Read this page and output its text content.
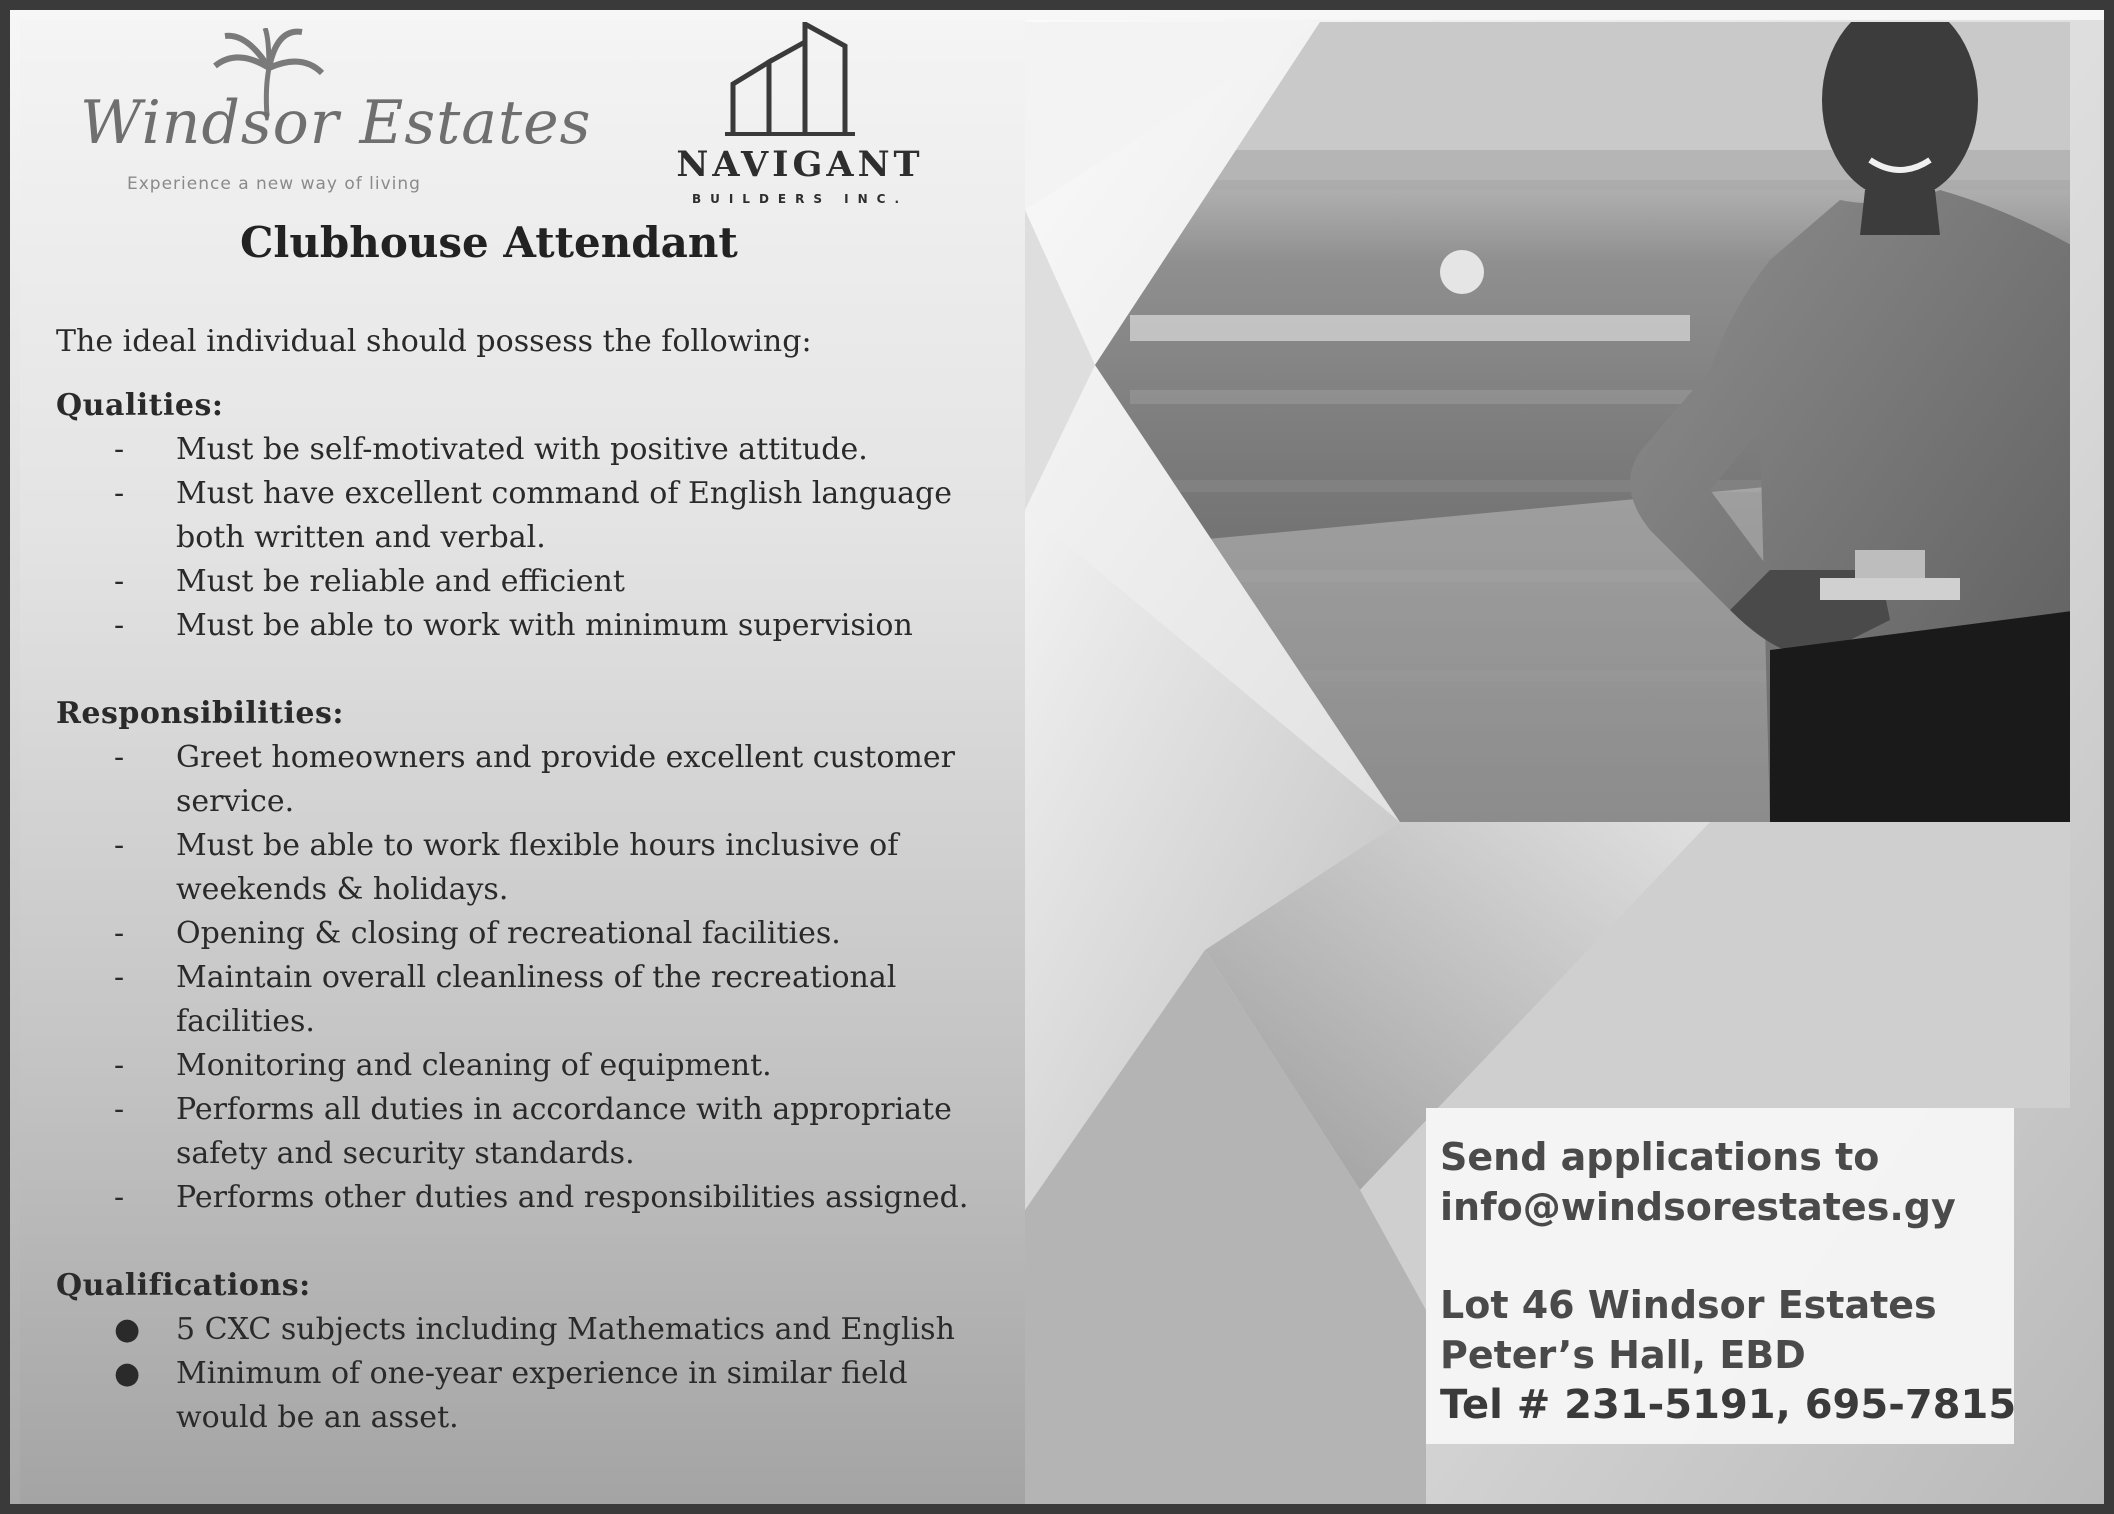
Windsor Estates
Experience a new way of living	NAVIGANT
BUILDERS INC.
Clubhouse Attendant

The ideal individual should possess the following:

Qualities:

- Must be self-motivated with positive attitude.
- Must have excellent command of English language
both written and verbal.
- Must be reliable and efficient
- Must be able to work with minimum supervision

Responsibilities:

- Greet homeowners and provide excellent customer
service.
- Must be able to work flexible hours inclusive of
weekends & holidays.
- Opening & closing of recreational facilities.
- Maintain overall cleanliness of the recreational
facilities.
- Monitoring and cleaning of equipment.
- Performs all duties in accordance with appropriate
safety and security standards.
- Performs other duties and responsibilities assigned.

Qualifications:

● 5 CXC subjects including Mathematics and English
● Minimum of one-year experience in similar field
would be an asset.
Send applications to
info@windsorestates.gy
Lot 46 Windsor Estates
Peter’s Hall, EBD
Tel # 231-5191, 695-7815
